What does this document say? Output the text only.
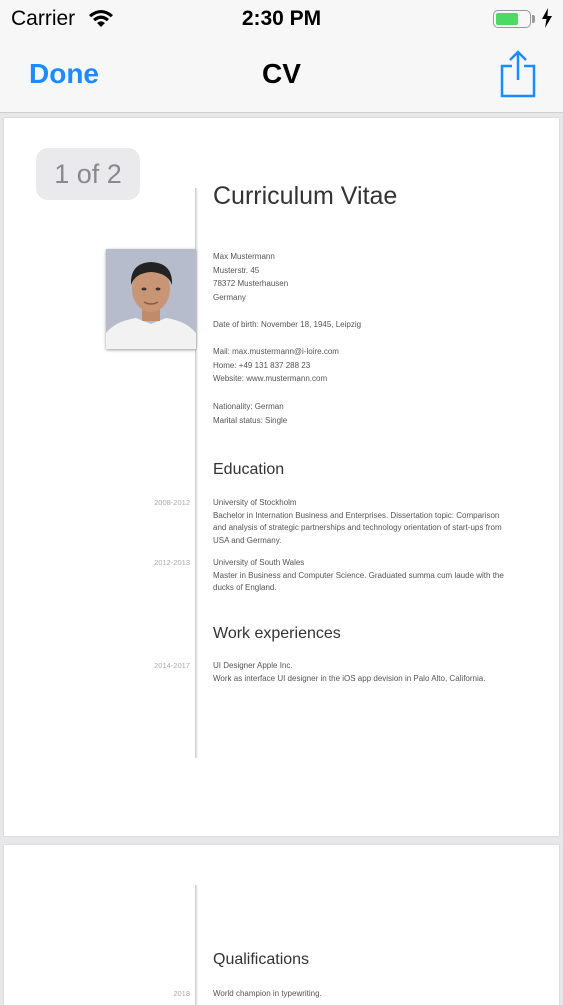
Carrier	2:30 PM
Done	CV
Curriculum Vitae
Max Mustermann
Musterstr. 45
78372 Musterhausen
Germany
Date of birth: November 18, 1945, Leipzig
Mail: max.mustermann@i-loire.com
Home: +49 131 837 288 23
Website: www.mustermann.com
Nationality: German
Marital status: Single
Education
2008-2012	University of Stockholm
Bachelor in Internation Business and Enterprises. Dissertation topic: Comparison and analysis of strategic partnerships and technology orientation of start-ups from USA and Germany.
2012-2013	University of South Wales
Master in Business and Computer Science. Graduated summa cum laude with the ducks of England.
Work experiences
2014-2017	UI Designer Apple Inc.
Work as interface UI designer in the iOS app devision in Palo Alto, California.
1 of 2
Qualifications
2018	World champion in typewriting.
